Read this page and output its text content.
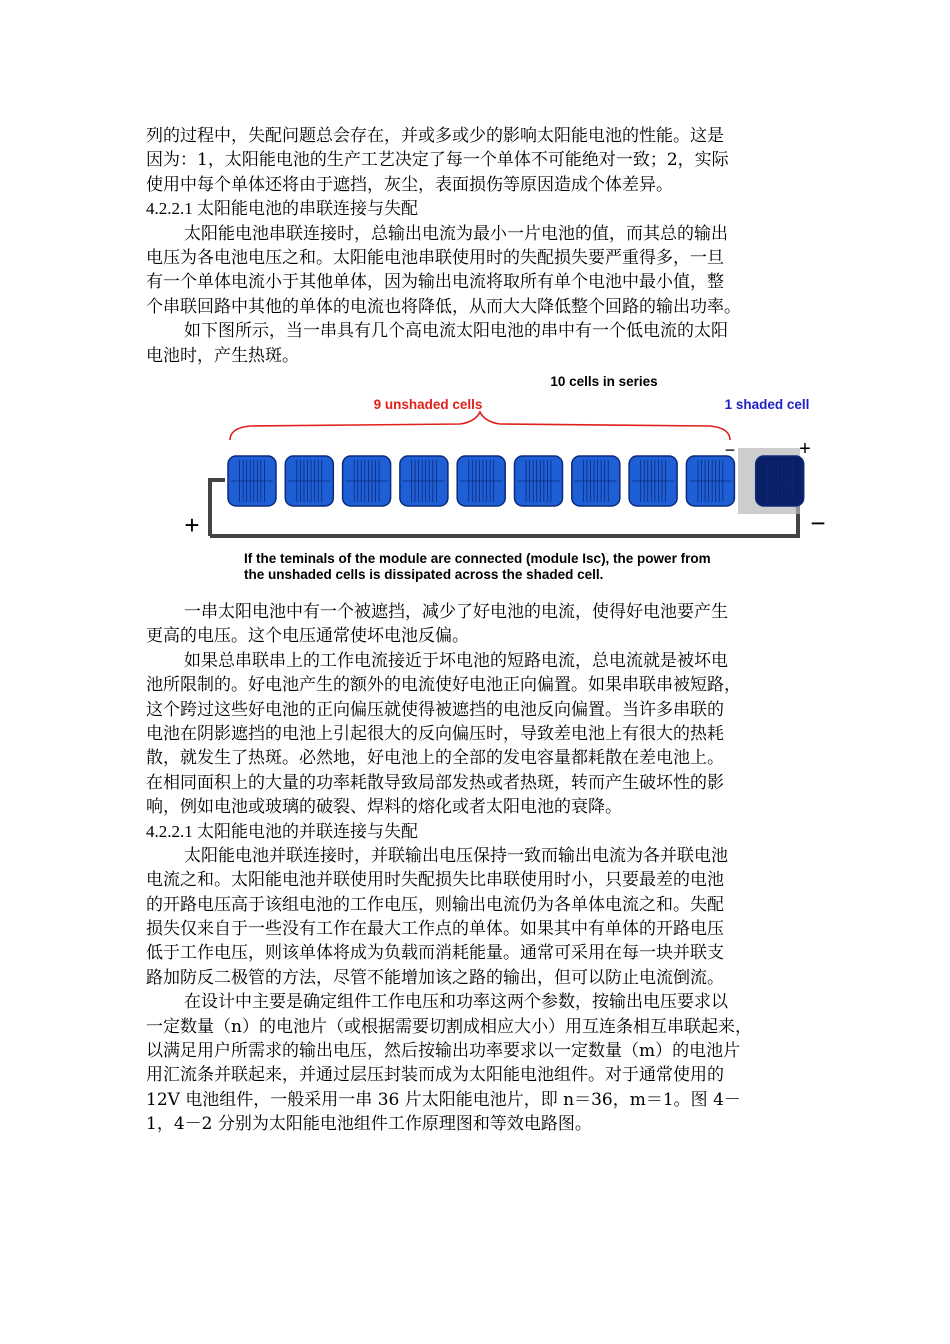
列的过程中，失配问题总会存在，并或多或少的影响太阳能电池的性能。这是
因为：1，太阳能电池的生产工艺决定了每一个单体不可能绝对一致；2，实际
使用中每个单体还将由于遮挡，灰尘，表面损伤等原因造成个体差异。
4.2.2.1 太阳能电池的串联连接与失配
太阳能电池串联连接时，总输出电流为最小一片电池的值，而其总的输出
电压为各电池电压之和。太阳能电池串联使用时的失配损失要严重得多，一旦
有一个单体电流小于其他单体，因为输出电流将取所有单个电池中最小值，整
个串联回路中其他的单体的电流也将降低，从而大大降低整个回路的输出功率。
如下图所示，当一串具有几个高电流太阳电池的串中有一个低电流的太阳
电池时，产生热斑。
10 cells in series
9 unshaded cells	1 shaded cell
+	−
−	+
If the teminals of the module are connected (module Isc), the power from
the unshaded cells is dissipated across the shaded cell.
一串太阳电池中有一个被遮挡，减少了好电池的电流，使得好电池要产生
更高的电压。这个电压通常使坏电池反偏。
如果总串联串上的工作电流接近于坏电池的短路电流，总电流就是被坏电
池所限制的。好电池产生的额外的电流使好电池正向偏置。如果串联串被短路，
这个跨过这些好电池的正向偏压就使得被遮挡的电池反向偏置。当许多串联的
电池在阴影遮挡的电池上引起很大的反向偏压时，导致差电池上有很大的热耗
散，就发生了热斑。必然地，好电池上的全部的发电容量都耗散在差电池上。
在相同面积上的大量的功率耗散导致局部发热或者热斑，转而产生破坏性的影
响，例如电池或玻璃的破裂、焊料的熔化或者太阳电池的衰降。
4.2.2.1 太阳能电池的并联连接与失配
太阳能电池并联连接时，并联输出电压保持一致而输出电流为各并联电池
电流之和。太阳能电池并联使用时失配损失比串联使用时小，只要最差的电池
的开路电压高于该组电池的工作电压，则输出电流仍为各单体电流之和。失配
损失仅来自于一些没有工作在最大工作点的单体。如果其中有单体的开路电压
低于工作电压，则该单体将成为负载而消耗能量。通常可采用在每一块并联支
路加防反二极管的方法，尽管不能增加该之路的输出，但可以防止电流倒流。
在设计中主要是确定组件工作电压和功率这两个参数，按输出电压要求以
一定数量（n）的电池片（或根据需要切割成相应大小）用互连条相互串联起来，
以满足用户所需求的输出电压，然后按输出功率要求以一定数量（m）的电池片
用汇流条并联起来，并通过层压封装而成为太阳能电池组件。对于通常使用的
12V 电池组件，一般采用一串 36 片太阳能电池片，即 n＝36，m＝1。图 4－
1，4－2 分别为太阳能电池组件工作原理图和等效电路图。
